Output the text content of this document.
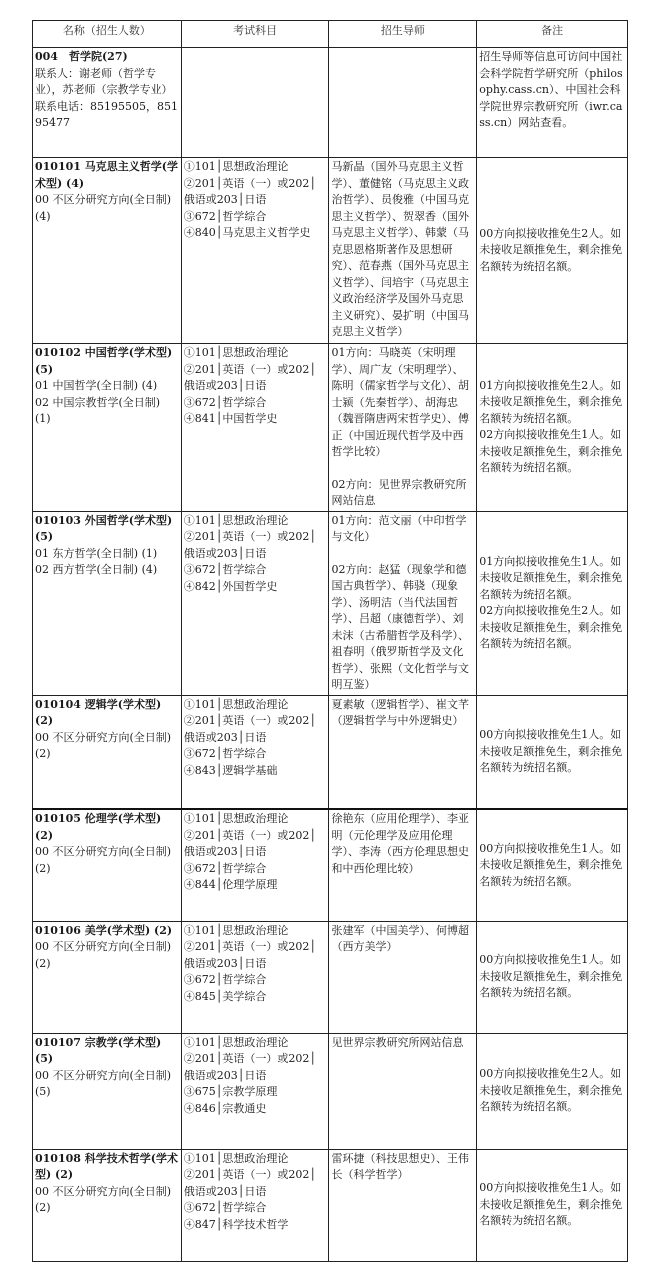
名称（招生人数）	考试科目	招生导师	备注

004　哲学院(27)
联系人：谢老师（哲学专业），苏老师（宗教学专业）
联系电话：85195505，85195477			招生导师等信息可访问中国社会科学院哲学研究所（philosophy.cass.cn）、中国社会科学院世界宗教研究所（iwr.cass.cn）网站查看。

010101 马克思主义哲学(学术型) (4)
00 不区分研究方向(全日制) (4)	①101│思想政治理论
②201│英语（一）或202│俄语或203│日语
③672│哲学综合
④840│马克思主义哲学史	马新晶（国外马克思主义哲学）、董健铭（马克思主义政治哲学）、员俊雅（中国马克思主义哲学）、贺翠香（国外马克思主义哲学）、韩蒙（马克思恩格斯著作及思想研究）、范春燕（国外马克思主义哲学）、闫培宇（马克思主义政治经济学及国外马克思主义研究）、晏扩明（中国马克思主义哲学）	00方向拟接收推免生2人。如未接收足额推免生，剩余推免名额转为统招名额。

010102 中国哲学(学术型) (5)
01 中国哲学(全日制) (4)
02 中国宗教哲学(全日制) (1)	①101│思想政治理论
②201│英语（一）或202│俄语或203│日语
③672│哲学综合
④841│中国哲学史	01方向：马晓英（宋明理学）、周广友（宋明理学）、陈明（儒家哲学与文化）、胡士颍（先秦哲学）、胡海忠（魏晋隋唐两宋哲学史）、傅正（中国近现代哲学及中西哲学比较）
02方向：见世界宗教研究所网站信息	01方向拟接收推免生2人。如未接收足额推免生，剩余推免名额转为统招名额。
02方向拟接收推免生1人。如未接收足额推免生，剩余推免名额转为统招名额。

010103 外国哲学(学术型) (5)
01 东方哲学(全日制) (1)
02 西方哲学(全日制) (4)	①101│思想政治理论
②201│英语（一）或202│俄语或203│日语
③672│哲学综合
④842│外国哲学史	01方向：范文丽（中印哲学与文化）
02方向：赵猛（现象学和德国古典哲学）、韩骁（现象学）、汤明洁（当代法国哲学）、吕超（康德哲学）、刘未沫（古希腊哲学及科学）、祖春明（俄罗斯哲学及文化哲学）、张熙（文化哲学与文明互鉴）	01方向拟接收推免生1人。如未接收足额推免生，剩余推免名额转为统招名额。
02方向拟接收推免生2人。如未接收足额推免生，剩余推免名额转为统招名额。

010104 逻辑学(学术型) (2)
00 不区分研究方向(全日制) (2)	①101│思想政治理论
②201│英语（一）或202│俄语或203│日语
③672│哲学综合
④843│逻辑学基础	夏素敏（逻辑哲学）、崔文芊（逻辑哲学与中外逻辑史）	00方向拟接收推免生1人。如未接收足额推免生，剩余推免名额转为统招名额。

010105 伦理学(学术型) (2)
00 不区分研究方向(全日制) (2)	①101│思想政治理论
②201│英语（一）或202│俄语或203│日语
③672│哲学综合
④844│伦理学原理	徐艳东（应用伦理学）、李亚明（元伦理学及应用伦理学）、李涛（西方伦理思想史和中西伦理比较）	00方向拟接收推免生1人。如未接收足额推免生，剩余推免名额转为统招名额。

010106 美学(学术型) (2)
00 不区分研究方向(全日制) (2)	①101│思想政治理论
②201│英语（一）或202│俄语或203│日语
③672│哲学综合
④845│美学综合	张建军（中国美学）、何博超（西方美学）	00方向拟接收推免生1人。如未接收足额推免生，剩余推免名额转为统招名额。

010107 宗教学(学术型) (5)
00 不区分研究方向(全日制) (5)	①101│思想政治理论
②201│英语（一）或202│俄语或203│日语
③675│宗教学原理
④846│宗教通史	见世界宗教研究所网站信息	00方向拟接收推免生2人。如未接收足额推免生，剩余推免名额转为统招名额。

010108 科学技术哲学(学术型) (2)
00 不区分研究方向(全日制) (2)	①101│思想政治理论
②201│英语（一）或202│俄语或203│日语
③672│哲学综合
④847│科学技术哲学	雷环捷（科技思想史）、王伟长（科学哲学）	00方向拟接收推免生1人。如未接收足额推免生，剩余推免名额转为统招名额。
